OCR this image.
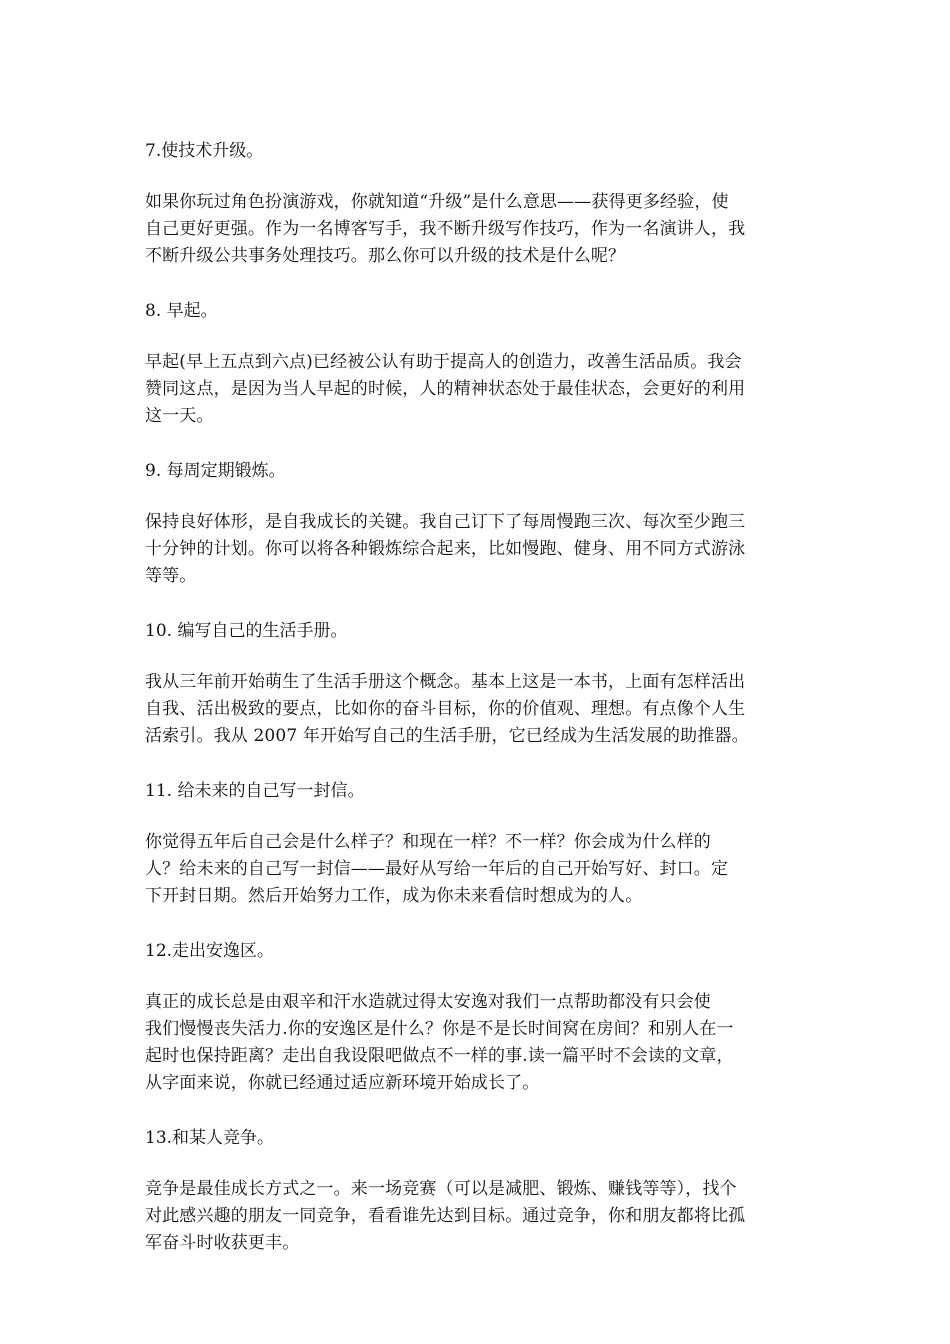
7.使技术升级。

如果你玩过角色扮演游戏，你就知道“升级”是什么意思——获得更多经验，使

自己更好更强。作为一名博客写手，我不断升级写作技巧，作为一名演讲人，我

不断升级公共事务处理技巧。那么你可以升级的技术是什么呢？

8. 早起。

早起(早上五点到六点)已经被公认有助于提高人的创造力，改善生活品质。我会

赞同这点，是因为当人早起的时候，人的精神状态处于最佳状态，会更好的利用

这一天。

9. 每周定期锻炼。

保持良好体形，是自我成长的关键。我自己订下了每周慢跑三次、每次至少跑三

十分钟的计划。你可以将各种锻炼综合起来，比如慢跑、健身、用不同方式游泳

等等。

10. 编写自己的生活手册。

我从三年前开始萌生了生活手册这个概念。基本上这是一本书，上面有怎样活出

自我、活出极致的要点，比如你的奋斗目标，你的价值观、理想。有点像个人生

活索引。我从 2007 年开始写自己的生活手册，它已经成为生活发展的助推器。

11. 给未来的自己写一封信。

你觉得五年后自己会是什么样子？和现在一样？不一样？你会成为什么样的

人？给未来的自己写一封信——最好从写给一年后的自己开始写好、封口。定

下开封日期。然后开始努力工作，成为你未来看信时想成为的人。

12.走出安逸区。

真正的成长总是由艰辛和汗水造就过得太安逸对我们一点帮助都没有只会使

我们慢慢丧失活力.你的安逸区是什么？你是不是长时间窝在房间？和别人在一

起时也保持距离？走出自我设限吧做点不一样的事.读一篇平时不会读的文章，

从字面来说，你就已经通过适应新环境开始成长了。

13.和某人竞争。

竞争是最佳成长方式之一。来一场竞赛（可以是减肥、锻炼、赚钱等等），找个

对此感兴趣的朋友一同竞争，看看谁先达到目标。通过竞争，你和朋友都将比孤

军奋斗时收获更丰。
